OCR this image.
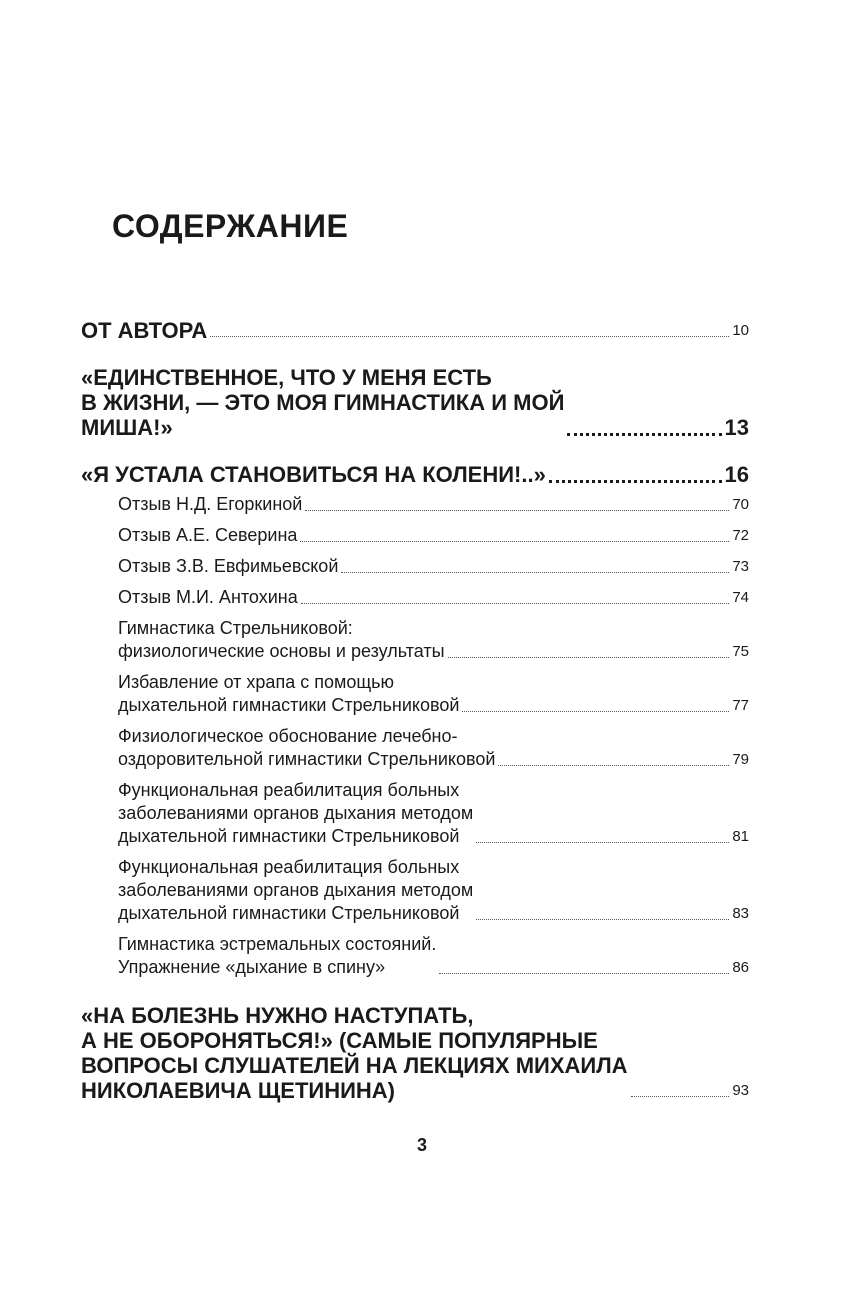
СОДЕРЖАНИЕ
ОТ АВТОРА	10
«ЕДИНСТВЕННОЕ, ЧТО У МЕНЯ ЕСТЬ
В ЖИЗНИ, — ЭТО МОЯ ГИМНАСТИКА И МОЙ
МИША!»	13
«Я УСТАЛА СТАНОВИТЬСЯ НА КОЛЕНИ!..»	16
Отзыв Н.Д. Егоркиной	70
Отзыв А.Е. Северина	72
Отзыв З.В. Евфимьевской	73
Отзыв М.И. Антохина	74
Гимнастика Стрельниковой:
физиологические основы и результаты	75
Избавление от храпа с помощью
дыхательной гимнастики Стрельниковой	77
Физиологическое обоснование лечебно-
оздоровительной гимнастики Стрельниковой	79
Функциональная реабилитация больных
заболеваниями органов дыхания методом
дыхательной гимнастики Стрельниковой	81
Функциональная реабилитация больных
заболеваниями органов дыхания методом
дыхательной гимнастики Стрельниковой	83
Гимнастика эстремальных состояний.
Упражнение «дыхание в спину»	86
«НА БОЛЕЗНЬ НУЖНО НАСТУПАТЬ,
А НЕ ОБОРОНЯТЬСЯ!» (САМЫЕ ПОПУЛЯРНЫЕ
ВОПРОСЫ СЛУШАТЕЛЕЙ НА ЛЕКЦИЯХ МИХАИЛА
НИКОЛАЕВИЧА ЩЕТИНИНА)	93
3
